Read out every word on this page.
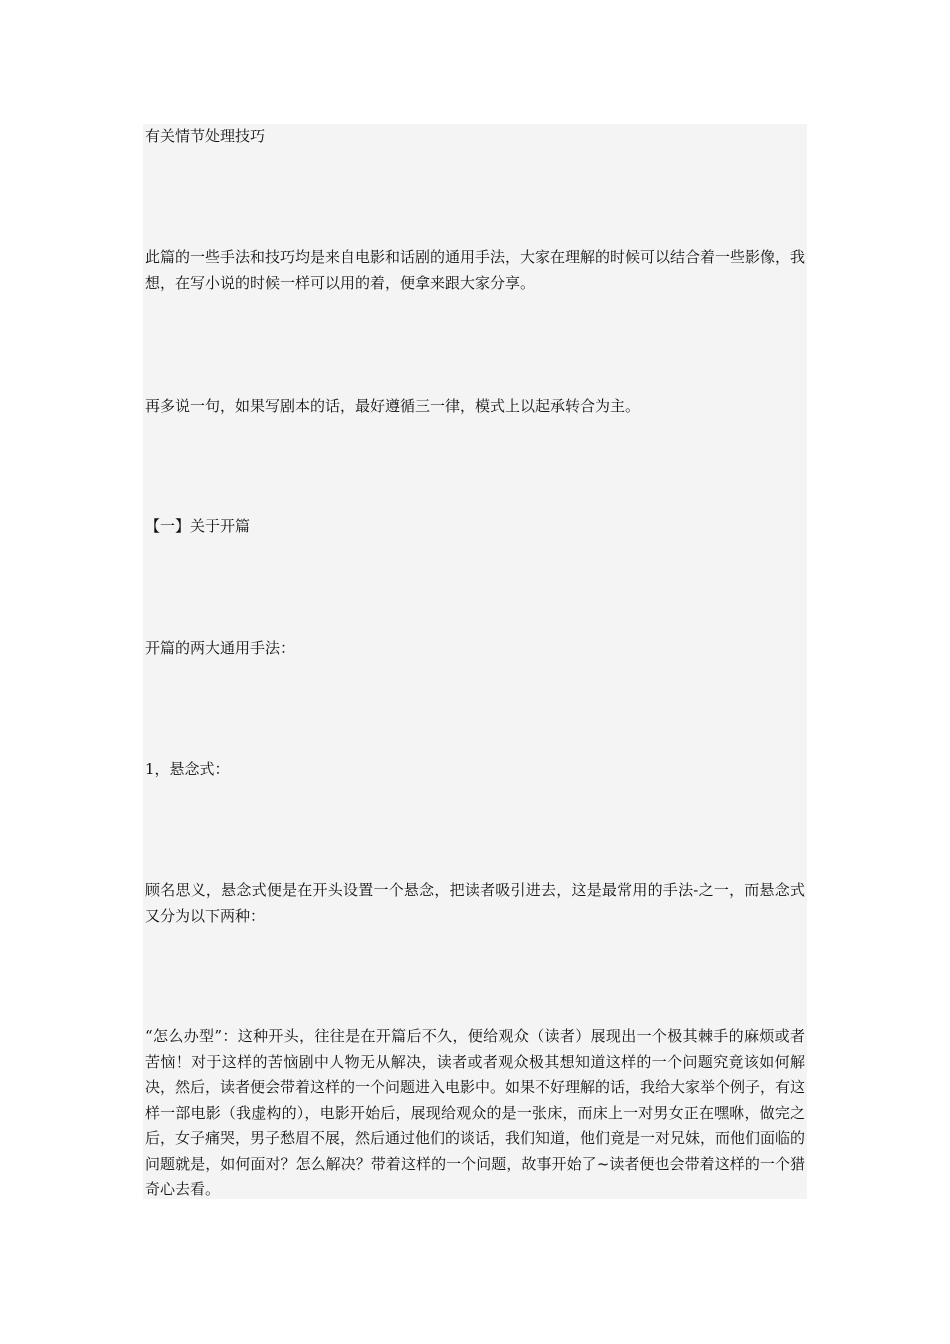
有关情节处理技巧
此篇的一些手法和技巧均是来自电影和话剧的通用手法，大家在理解的时候可以结合着一些影像，我想，在写小说的时候一样可以用的着，便拿来跟大家分享。
再多说一句，如果写剧本的话，最好遵循三一律，模式上以起承转合为主。
【一】关于开篇
开篇的两大通用手法：
1，悬念式：
顾名思义，悬念式便是在开头设置一个悬念，把读者吸引进去，这是最常用的手法-之一，而悬念式又分为以下两种：
“怎么办型”：这种开头，往往是在开篇后不久，便给观众（读者）展现出一个极其棘手的麻烦或者苦恼！对于这样的苦恼剧中人物无从解决，读者或者观众极其想知道这样的一个问题究竟该如何解决，然后，读者便会带着这样的一个问题进入电影中。如果不好理解的话，我给大家举个例子，有这样一部电影（我虚构的），电影开始后，展现给观众的是一张床，而床上一对男女正在嘿咻，做完之后，女子痛哭，男子愁眉不展，然后通过他们的谈话，我们知道，他们竟是一对兄妹，而他们面临的问题就是，如何面对？怎么解决？带着这样的一个问题，故事开始了~读者便也会带着这样的一个猎奇心去看。
